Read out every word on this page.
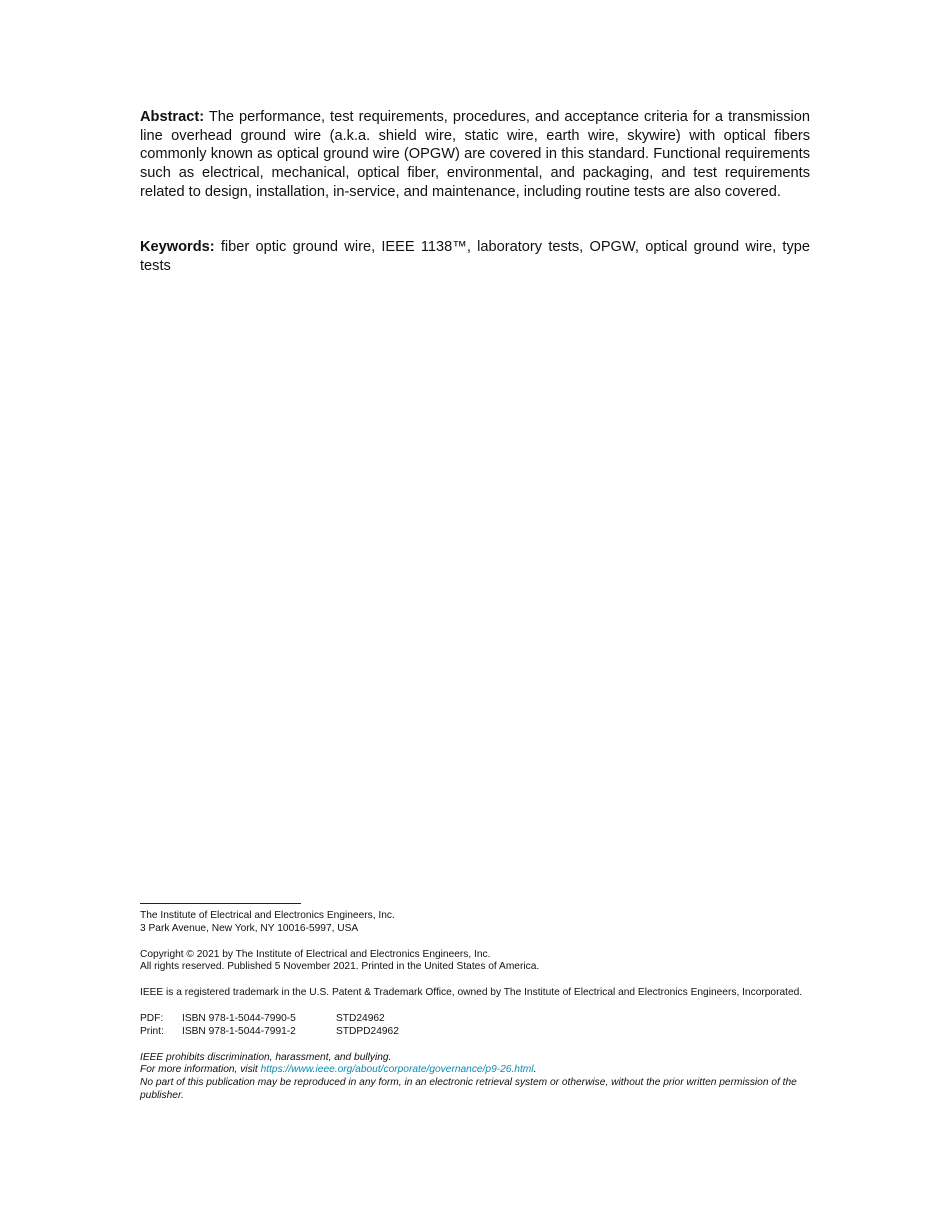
Abstract: The performance, test requirements, procedures, and acceptance criteria for a transmission line overhead ground wire (a.k.a. shield wire, static wire, earth wire, skywire) with optical fibers commonly known as optical ground wire (OPGW) are covered in this standard. Functional requirements such as electrical, mechanical, optical fiber, environmental, and packaging, and test requirements related to design, installation, in-service, and maintenance, including routine tests are also covered.

Keywords: fiber optic ground wire, IEEE 1138™, laboratory tests, OPGW, optical ground wire, type tests

The Institute of Electrical and Electronics Engineers, Inc.
3 Park Avenue, New York, NY 10016-5997, USA

Copyright © 2021 by The Institute of Electrical and Electronics Engineers, Inc.
All rights reserved. Published 5 November 2021. Printed in the United States of America.

IEEE is a registered trademark in the U.S. Patent & Trademark Office, owned by The Institute of Electrical and Electronics Engineers, Incorporated.

PDF:	ISBN 978-1-5044-7990-5	STD24962
Print:	ISBN 978-1-5044-7991-2	STDPD24962

IEEE prohibits discrimination, harassment, and bullying.
For more information, visit https://www.ieee.org/about/corporate/governance/p9-26.html.
No part of this publication may be reproduced in any form, in an electronic retrieval system or otherwise, without the prior written permission of the publisher.
